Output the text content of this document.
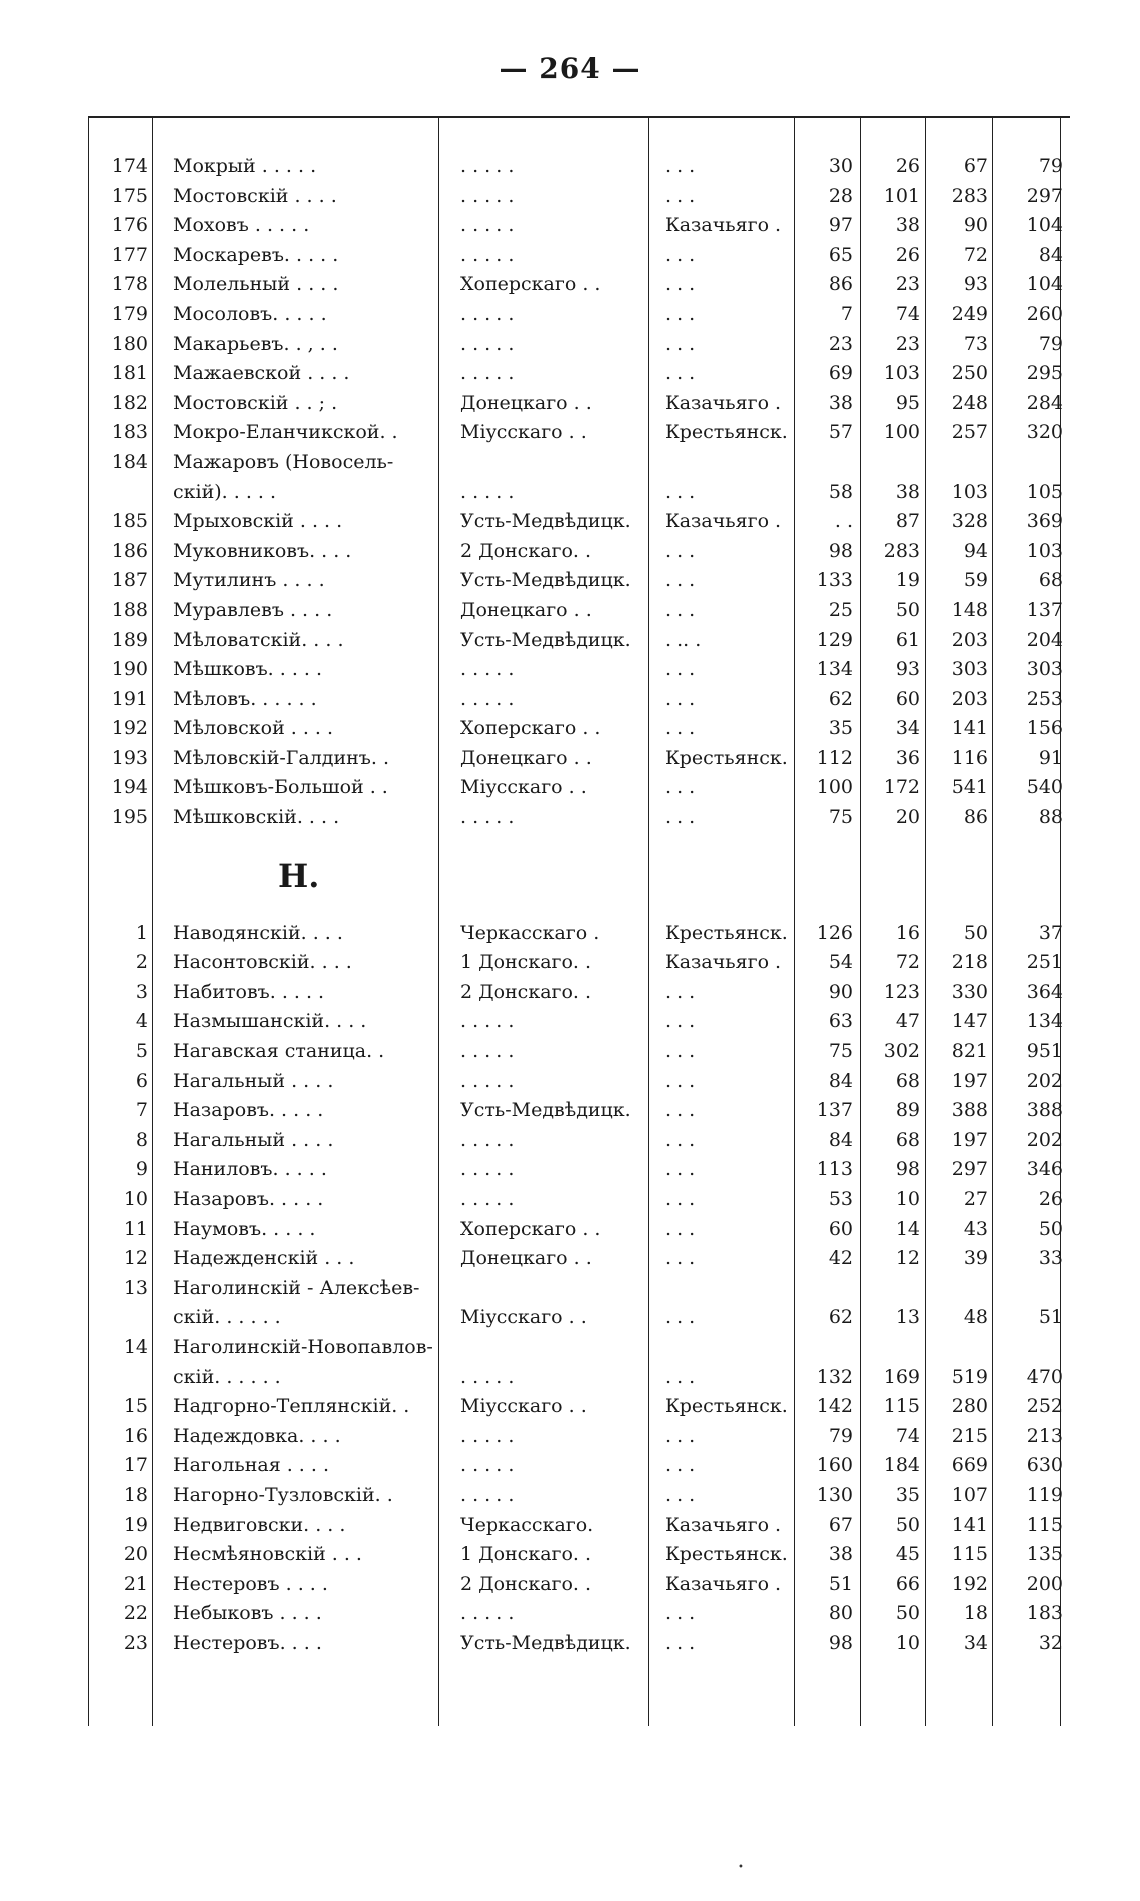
— 264 —
174 Мокрый . . . . .	. . . . .	. . .	30	26	67	79
175 Мостовскій . . . .	. . . . .	. . .	28	101	283	297
176 Моховъ . . . . .	. . . . .	Казачьяго .	97	38	90	104
177 Москаревъ. . . . .	. . . . .	. . .	65	26	72	84
178 Молельный . . . .	Хоперскаго . .	. . .	86	23	93	104
179 Мосоловъ. . . . .	. . . . .	. . .	7	74	249	260
180 Макарьевъ. . , . .	. . . . .	. . .	23	23	73	79
181 Мажаевской . . . .	. . . . .	. . .	69	103	250	295
182 Мостовскій . . ; .	Донецкаго . .	Казачьяго .	38	95	248	284
183 Мокро-Еланчикской. .	Міусскаго . .	Крестьянск.	57	100	257	320
184 Мажаровъ (Новосель-
скій). . . . .	. . . . .	. . .	58	38	103	105
185 Мрыховскій . . . .	Усть-Медвѣдицк.	Казачьяго .	. .	87	328	369
186 Муковниковъ. . . .	2 Донскаго. .	. . .	98	283	94	103
187 Мутилинъ . . . .	Усть-Медвѣдицк.	. . .	133	19	59	68
188 Муравлевъ . . . .	Донецкаго . .	. . .	25	50	148	137
189 Мѣловатскій. . . .	Усть-Медвѣдицк.	. .. .	129	61	203	204
190 Мѣшковъ. . . . .	. . . . .	. . .	134	93	303	303
191 Мѣловъ. . . . . .	. . . . .	. . .	62	60	203	253
192 Мѣловской . . . .	Хоперскаго . .	. . .	35	34	141	156
193 Мѣловскій-Галдинъ. .	Донецкаго . .	Крестьянск.	112	36	116	91
194 Мѣшковъ-Большой . .	Міусскаго . .	. . .	100	172	541	540
195 Мѣшковскій. . . .	. . . . .	. . .	75	20	86	88
Н.
1 Наводянскій. . . .	Черкасскаго .	Крестьянск.	126	16	50	37
2 Насонтовскій. . . .	1 Донскаго. .	Казачьяго .	54	72	218	251
3 Набитовъ. . . . .	2 Донскаго. .	. . .	90	123	330	364
4 Назмышанскій. . . .	. . . . .	. . .	63	47	147	134
5 Нагавская станица. .	. . . . .	. . .	75	302	821	951
6 Нагальный . . . .	. . . . .	. . .	84	68	197	202
7 Назаровъ. . . . .	Усть-Медвѣдицк.	. . .	137	89	388	388
8 Нагальный . . . .	. . . . .	. . .	84	68	197	202
9 Наниловъ. . . . .	. . . . .	. . .	113	98	297	346
10 Назаровъ. . . . .	. . . . .	. . .	53	10	27	26
11 Наумовъ. . . . .	Хоперскаго . .	. . .	60	14	43	50
12 Надежденскій . . .	Донецкаго . .	. . .	42	12	39	33
13 Наголинскій - Алексѣев-
скій. . . . . .	Міусскаго . .	. . .	62	13	48	51
14 Наголинскій-Новопавлов-
скій. . . . . .	. . . . .	. . .	132	169	519	470
15 Надгорно-Теплянскій. .	Міусскаго . .	Крестьянск.	142	115	280	252
16 Надеждовка. . . .	. . . . .	. . .	79	74	215	213
17 Нагольная . . . .	. . . . .	. . .	160	184	669	630
18 Нагорно-Тузловскій. .	. . . . .	. . .	130	35	107	119
19 Недвиговски. . . .	Черкасскаго.	Казачьяго .	67	50	141	115
20 Несмѣяновскій . . .	1 Донскаго. .	Крестьянск.	38	45	115	135
21 Нестеровъ . . . .	2 Донскаго. .	Казачьяго .	51	66	192	200
22 Небыковъ . . . .	. . . . .	. . .	80	50	18	183
23 Нестеровъ. . . .	Усть-Медвѣдицк.	. . .	98	10	34	32
•
